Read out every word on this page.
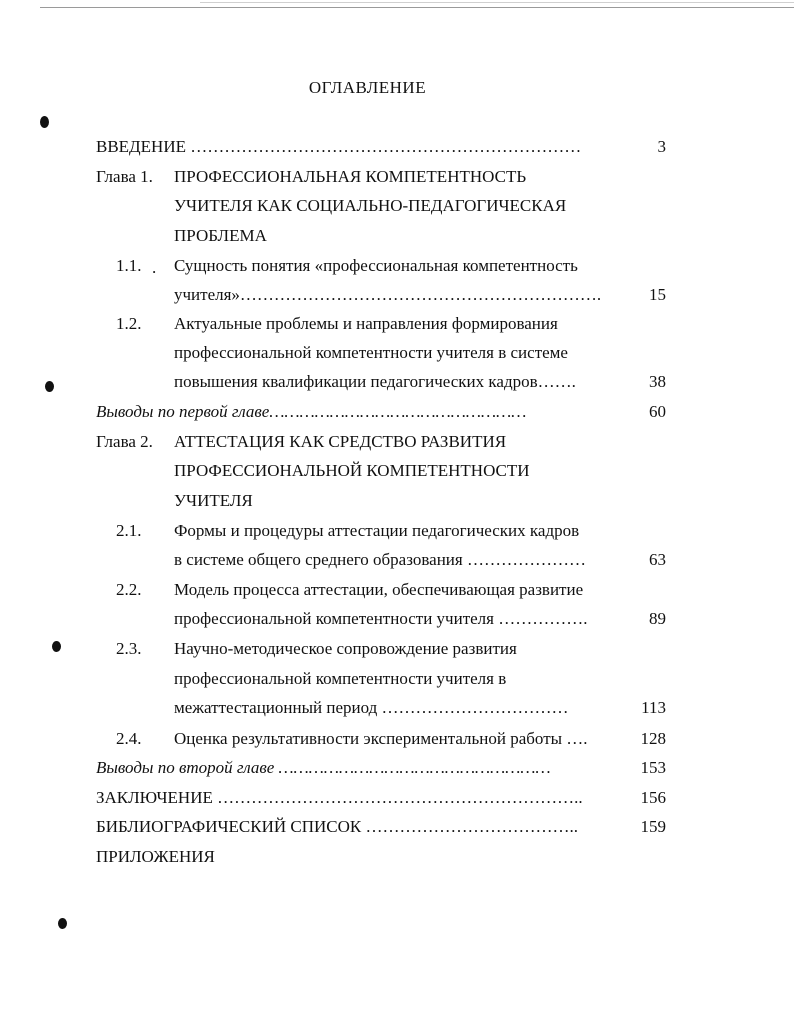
ОГЛАВЛЕНИЕ
ВВЕДЕНИЕ ……………………………………………………………	3
Глава 1. ПРОФЕССИОНАЛЬНАЯ КОМПЕТЕНТНОСТЬ
УЧИТЕЛЯ КАК СОЦИАЛЬНО-ПЕДАГОГИЧЕСКАЯ
ПРОБЛЕМА
1.1. . Сущность понятия «профессиональная компетентность
учителя»……………………………………………………….	15
1.2. Актуальные проблемы и направления формирования
профессиональной компетентности учителя в системе
повышения квалификации педагогических кадров…….	38
Выводы по первой главе……………………………………………	60
Глава 2. АТТЕСТАЦИЯ КАК СРЕДСТВО РАЗВИТИЯ
ПРОФЕССИОНАЛЬНОЙ КОМПЕТЕНТНОСТИ
УЧИТЕЛЯ
2.1. Формы и процедуры аттестации педагогических кадров
в системе общего среднего образования …………………	63
2.2. Модель процесса аттестации, обеспечивающая развитие
профессиональной компетентности учителя …………….	89
2.3. Научно-методическое сопровождение развития
профессиональной компетентности учителя в
межаттестационный период ……………………………	113
2.4. Оценка результативности экспериментальной работы ….	128
Выводы по второй главе ………………………………………………	153
ЗАКЛЮЧЕНИЕ ………………………………………………………..	156
БИБЛИОГРАФИЧЕСКИЙ СПИСОК ………………………………..	159
ПРИЛОЖЕНИЯ
